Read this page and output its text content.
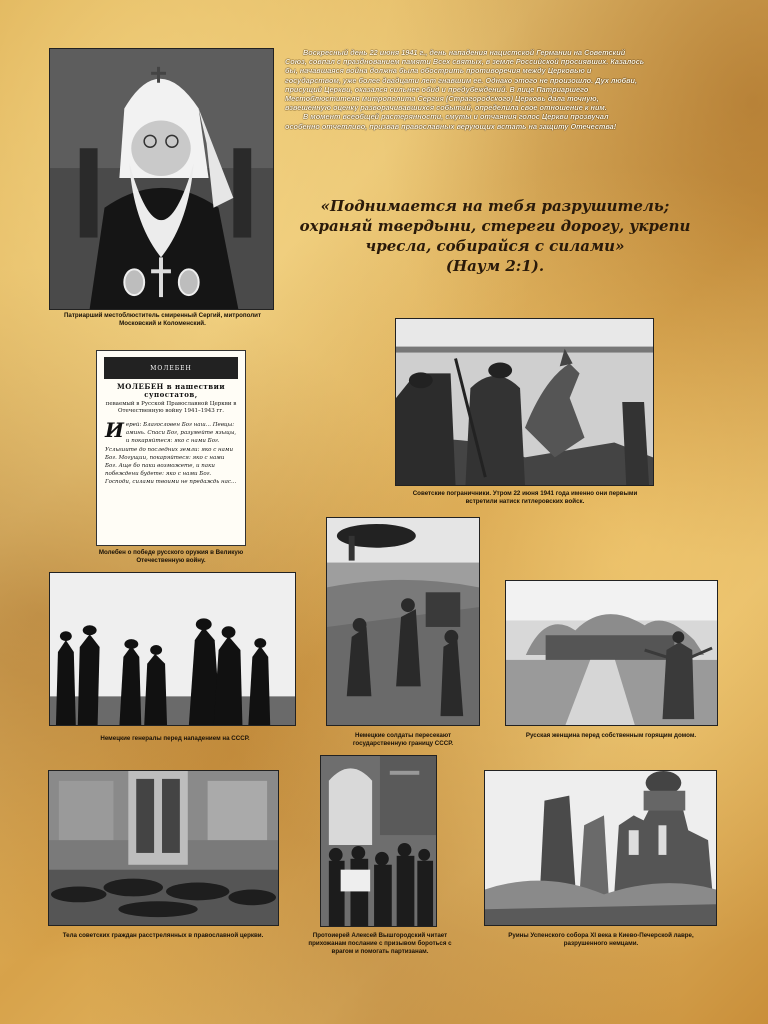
Патриарший местоблюститель смиренный Сергий, митрополит Московский и Коломенский.

Воскресный день 22 июня 1941 г., день нападения нацистской Германии на Советский Союз, совпал с празднованием памяти Всех святых, в земле Российской просиявших. Казалось бы, начавшаяся война должна была обострить противоречия между Церковью и государством, уже более двадцати лет гнавшим ее. Однако этого не произошло. Дух любви, присущий Церкви, оказался сильнее обид и предубеждений. В лице Патриаршего Местоблюстителя митрополита Сергия (Страгородского) Церковь дала точную, взвешенную оценку разворачивавшихся событий, определила свое отношение к ним.

В момент всеобщей растерянности, смуты и отчаяния голос Церкви прозвучал особенно отчетливо, призвав православных верующих встать на защиту Отечества!

«Поднимается на тебя разрушитель; охраняй твердыни, стереги дорогу, укрепи чресла, собирайся с силами»
(Наум 2:1).
МОЛЕБЕН
МОЛЕБЕН в нашествии супостатов,
певаемый в Русской Православной Церкви в Отечественную войну 1941–1943 гг.
Иерей: Благословен Бог наш... Певцы: аминь. Спаси Бог, разумейте языцы, и покаряйтеся: яко с нами Бог. Услышите до последних земли: яко с нами Бог. Могущии, покаряйтеся: яко с нами Бог. Аще бо паки возможете, и паки побеждени будете: яко с нами Бог. Господи, силами твоими не предаждь нас...
Молебен о победе русского оружия в Великую Отечественную войну.
Советские пограничники. Утром 22 июня 1941 года именно они первыми встретили натиск гитлеровских войск.
Немецкие генералы перед нападением на СССР.	Немецкие солдаты пересекают государственную границу СССР.
Русская женщина перед собственным горящим домом.
Тела советских граждан расстрелянных в православной церкви.	Протоиерей Алексей Вышгородский читает прихожанам послание с призывом бороться с врагом и помогать партизанам.
Руины Успенского собора XI века в Киево-Печерской лавре, разрушенного немцами.
